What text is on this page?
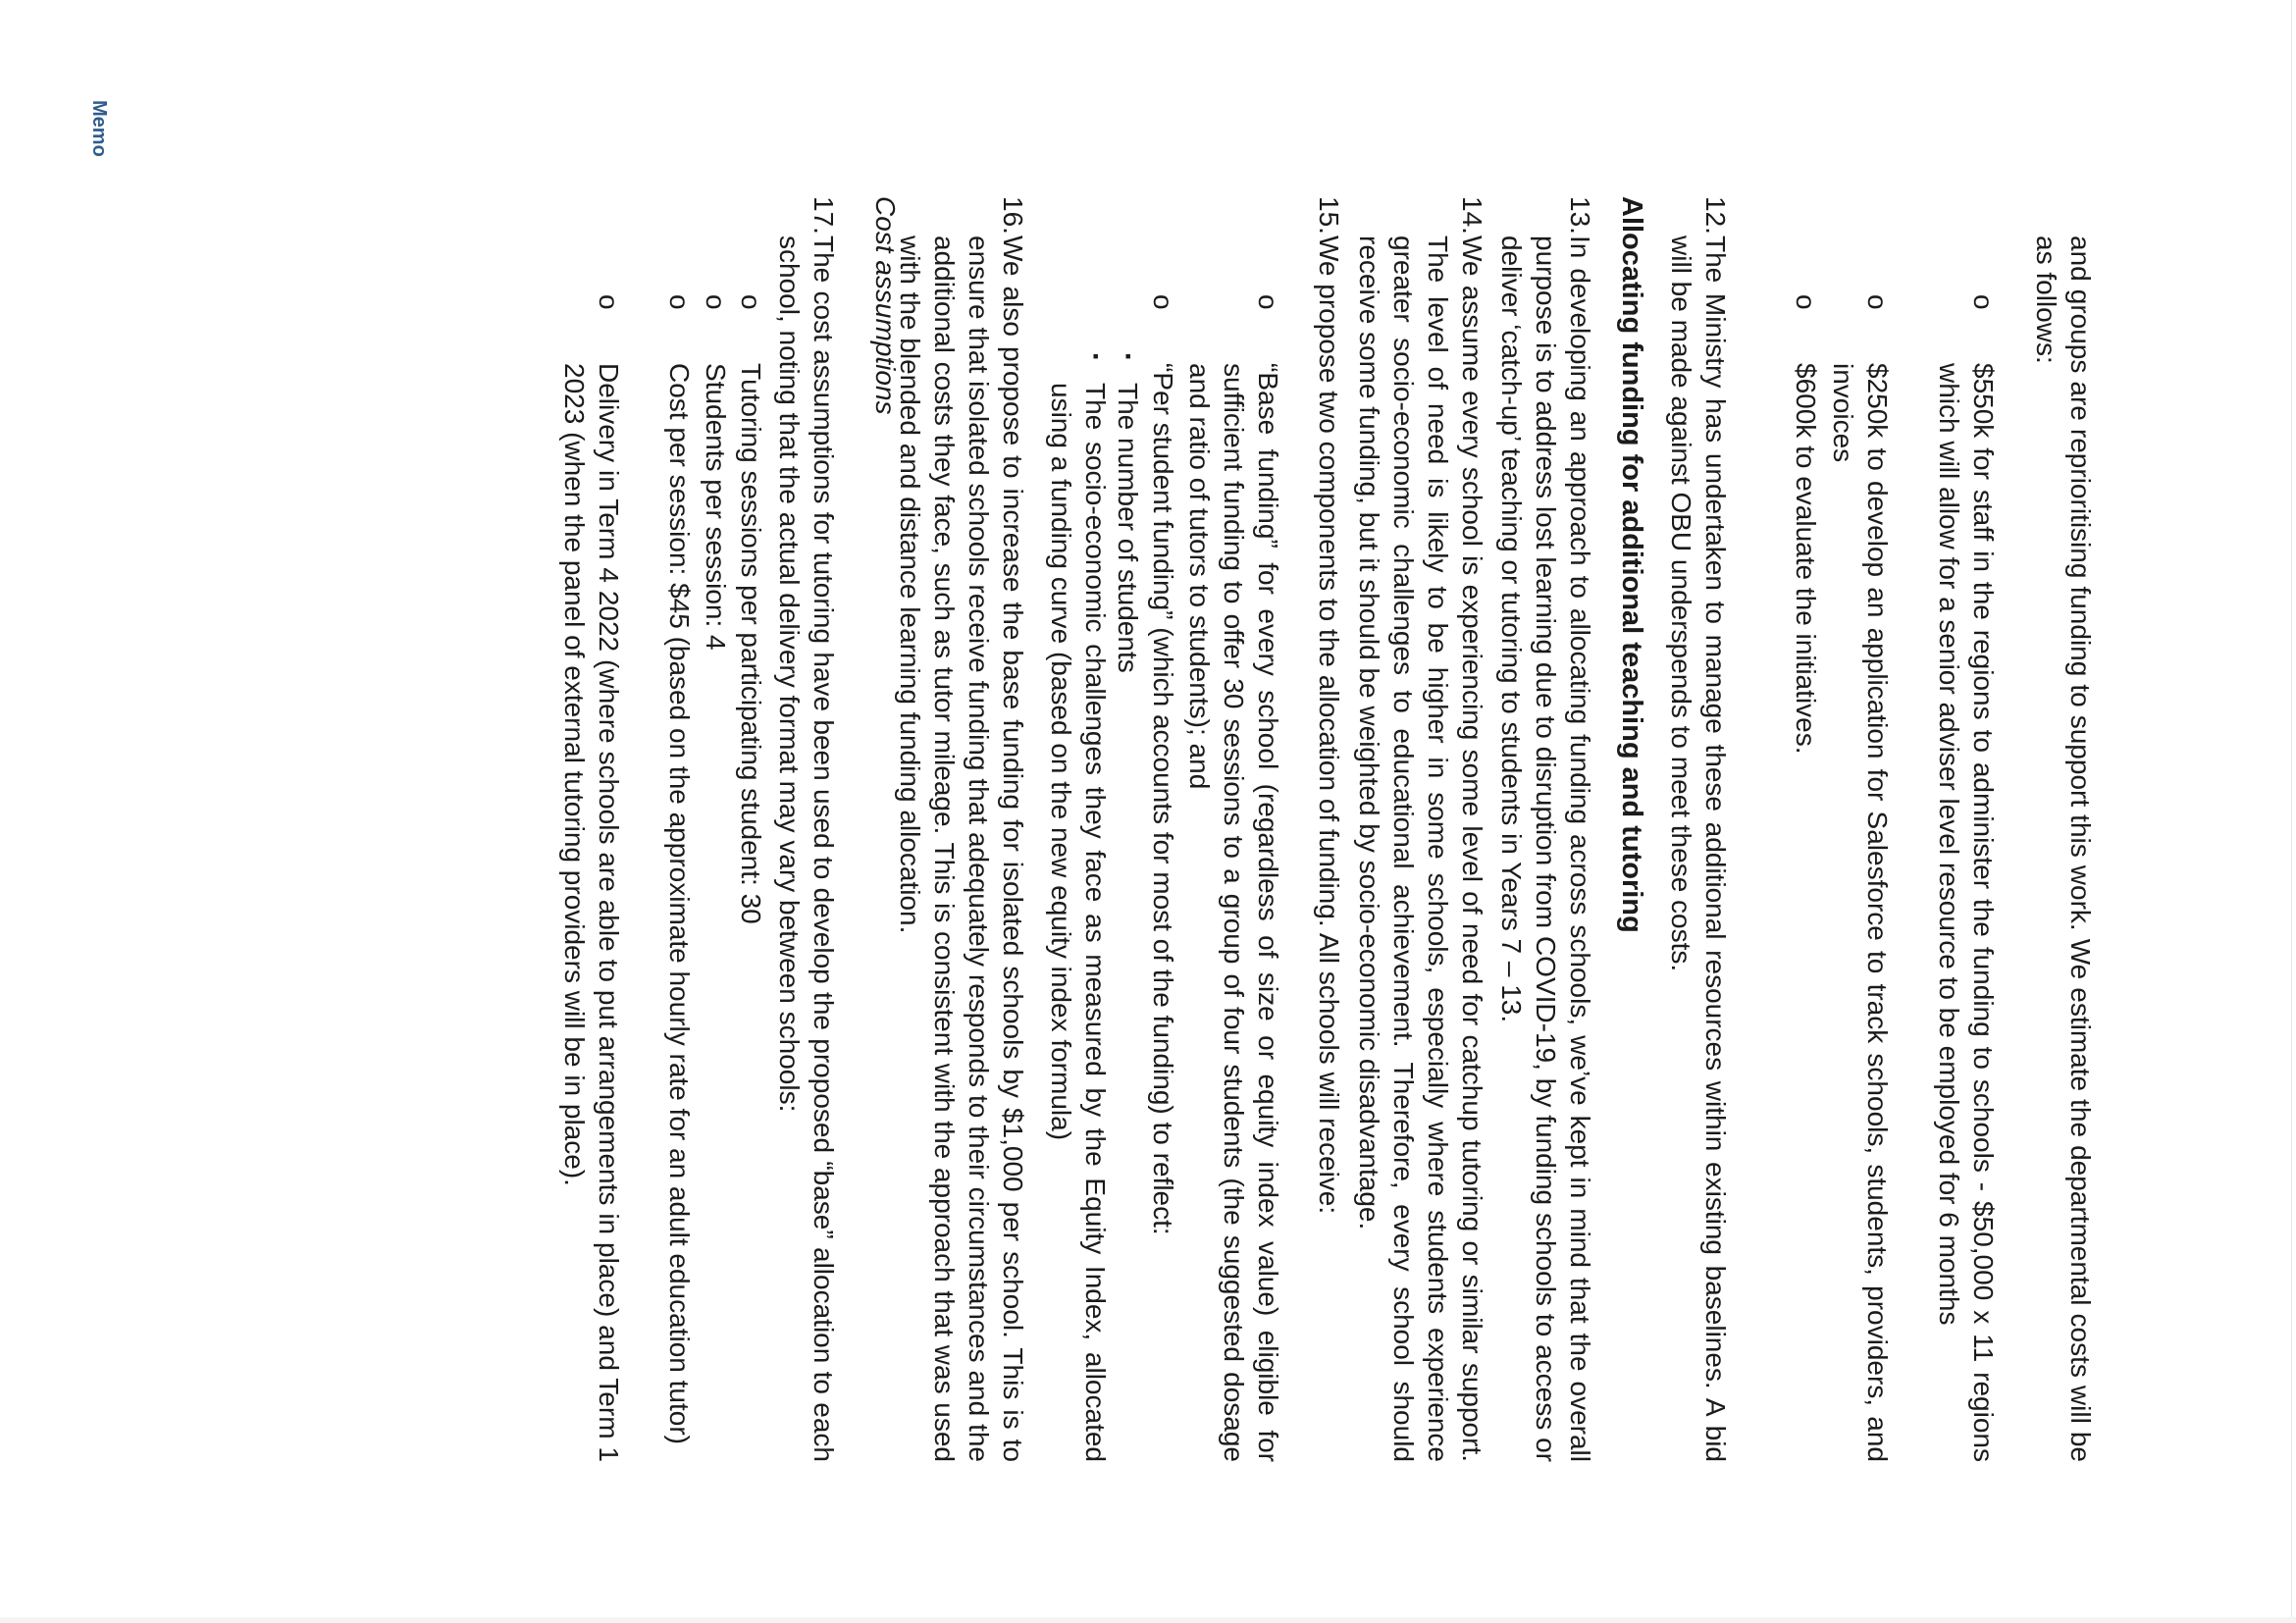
Memo
and groups are reprioritising funding to support this work. We estimate the departmental costs will be as follows:
o
$550k for staff in the regions to administer the funding to schools - $50,000 x 11 regions which will allow for a senior adviser level resource to be employed for 6 months
o
$250k to develop an application for Salesforce to track schools, students, providers, and invoices
o
$600k to evaluate the initiatives.
12.
The Ministry has undertaken to manage these additional resources within existing baselines. A bid will be made against OBU underspends to meet these costs.
Allocating funding for additional teaching and tutoring
13.
In developing an approach to allocating funding across schools, we’ve kept in mind that the overall purpose is to address lost learning due to disruption from COVID-19, by funding schools to access or deliver ‘catch-up’ teaching or tutoring to students in Years 7 – 13.
14.
We assume every school is experiencing some level of need for catchup tutoring or similar support. The level of need is likely to be higher in some schools, especially where students experience greater socio-economic challenges to educational achievement. Therefore, every school should receive some funding, but it should be weighted by socio-economic disadvantage.
15.
We propose two components to the allocation of funding. All schools will receive:
o
“Base funding” for every school (regardless of size or equity index value) eligible for sufficient funding to offer 30 sessions to a group of four students (the suggested dosage and ratio of tutors to students); and
o
“Per student funding” (which accounts for most of the funding) to reflect:
▪
The number of students
▪
The socio-economic challenges they face as measured by the Equity Index, allocated using a funding curve (based on the new equity index formula)
16.
We also propose to increase the base funding for isolated schools by $1,000 per school. This is to ensure that isolated schools receive funding that adequately responds to their circumstances and the additional costs they face, such as tutor mileage. This is consistent with the approach that was used with the blended and distance learning funding allocation.
Cost assumptions
17.
The cost assumptions for tutoring have been used to develop the proposed “base” allocation to each school, noting that the actual delivery format may vary between schools:
o
Tutoring sessions per participating student: 30
o
Students per session: 4
o
Cost per session: $45 (based on the approximate hourly rate for an adult education tutor)
o
Delivery in Term 4 2022 (where schools are able to put arrangements in place) and Term 1 2023 (when the panel of external tutoring providers will be in place).
